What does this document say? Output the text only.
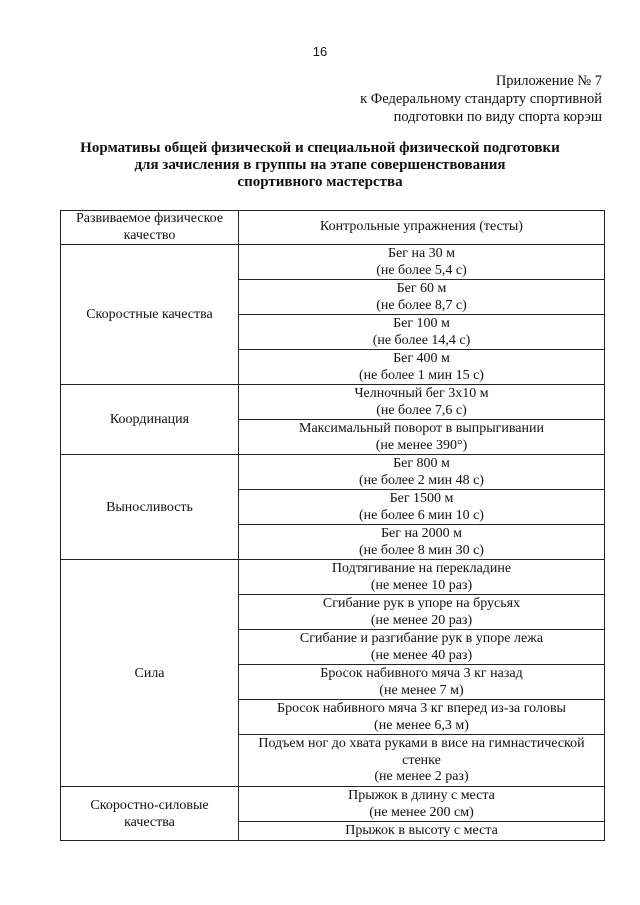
16
Приложение № 7
к Федеральному стандарту спортивной
подготовки по виду спорта корэш
Нормативы общей физической и специальной физической подготовки
для зачисления в группы на этапе совершенствования
спортивного мастерства
Развиваемое физическое качество	Контрольные упражнения (тесты)
Скоростные качества	Бег на 30 м
(не более 5,4 с)

	Бег 60 м
(не более 8,7 с)

	Бег 100 м
(не более 14,4 с)

	Бег 400 м
(не более 1 мин 15 с)

Координация	Челночный бег 3x10 м
(не более 7,6 с)

	Максимальный поворот в выпрыгивании
(не менее 390°)

Выносливость	Бег 800 м
(не более 2 мин 48 с)

	Бег 1500 м
(не более 6 мин 10 с)

	Бег на 2000 м
(не более 8 мин 30 с)

Сила	Подтягивание на перекладине
(не менее 10 раз)

	Сгибание рук в упоре на брусьях
(не менее 20 раз)

	Сгибание и разгибание рук в упоре лежа
(не менее 40 раз)

	Бросок набивного мяча 3 кг назад
(не менее 7 м)

	Бросок набивного мяча 3 кг вперед из-за головы
(не менее 6,3 м)

	Подъем ног до хвата руками в висе на гимнастической стенке
(не менее 2 раз)

Скоростно-силовые качества	Прыжок в длину с места
(не менее 200 см)

	Прыжок в высоту с места
